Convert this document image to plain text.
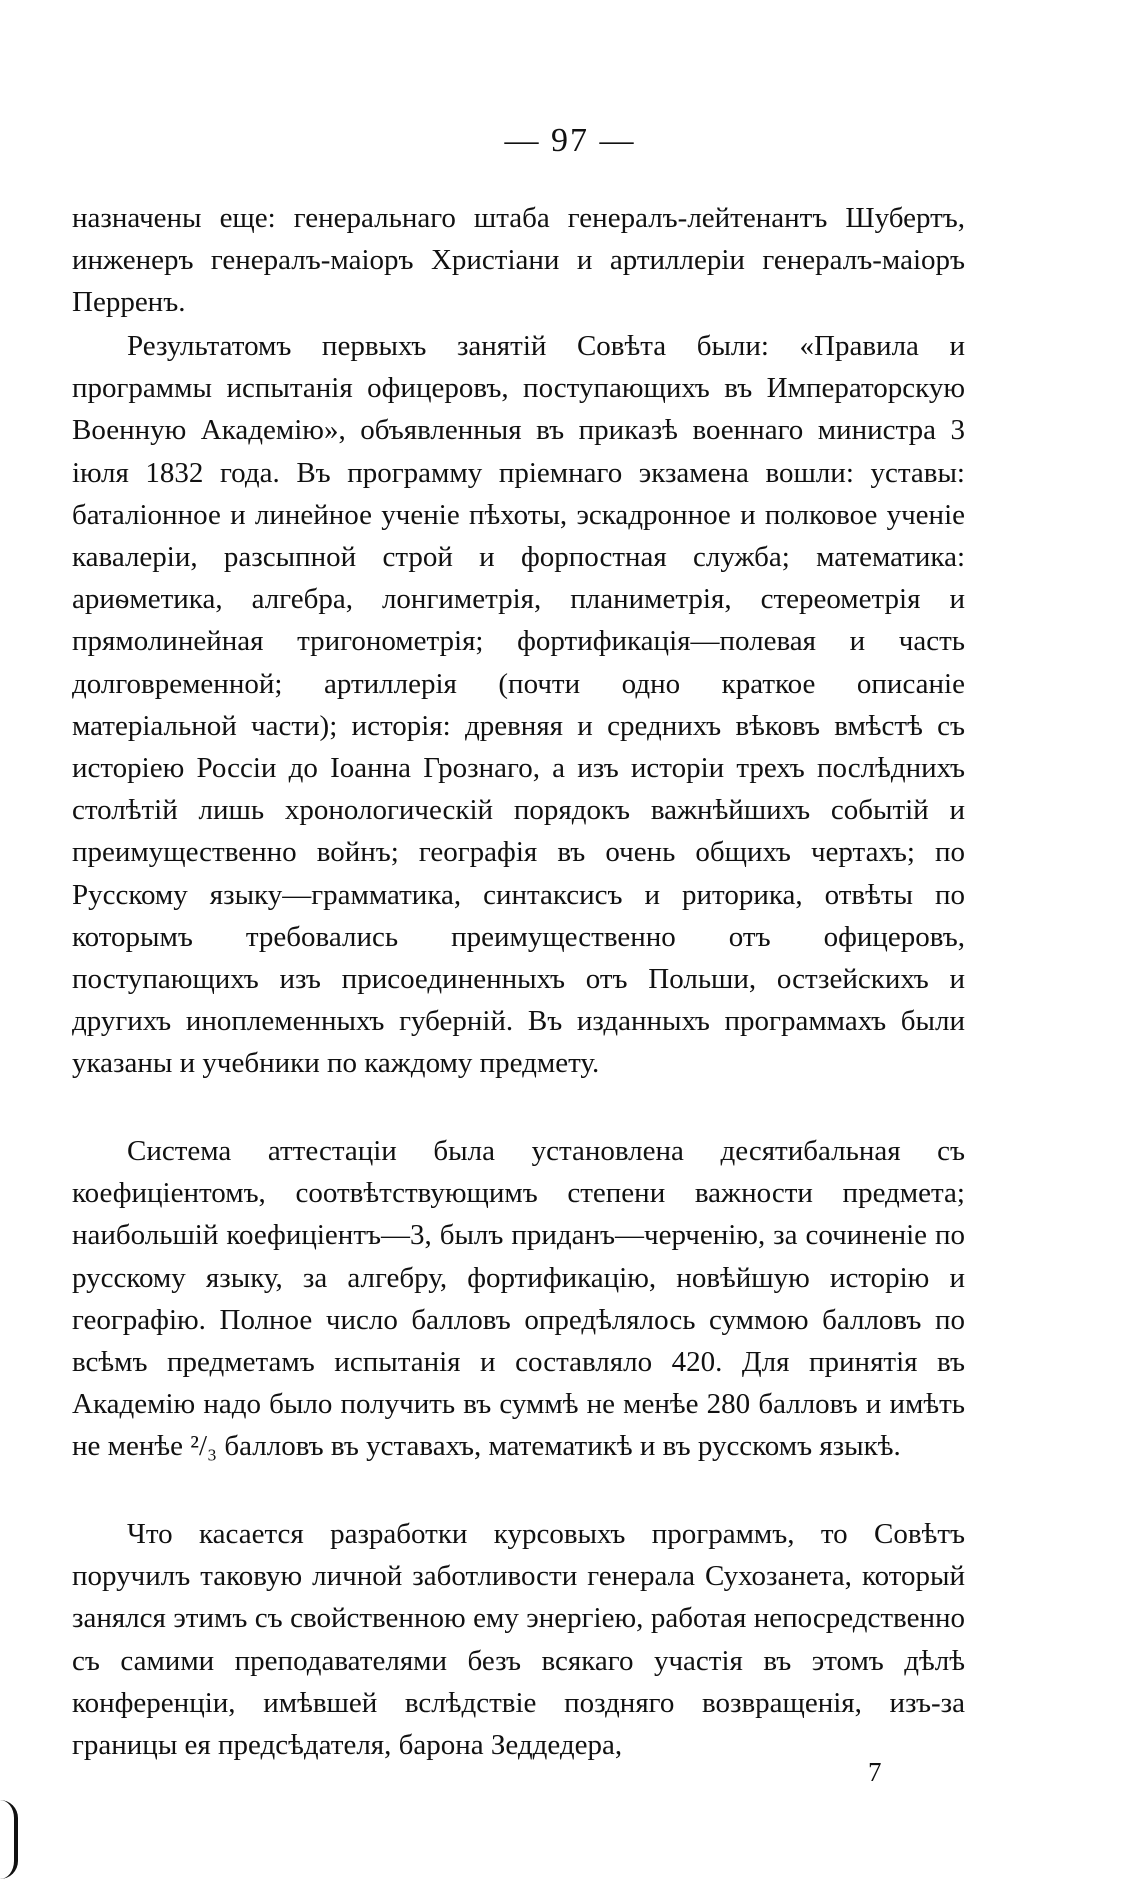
— 97 —

назначены еще: генеральнаго штаба генералъ-лейтенантъ Шубертъ, инженеръ генералъ-маiоръ Христiани и артиллерiи генералъ-маiоръ Перренъ.

Результатомъ первыхъ занятiй Совѣта были: «Правила и программы испытанiя офицеровъ, поступающихъ въ Императорскую Военную Академiю», объявленныя въ приказѣ военнаго министра 3 iюля 1832 года. Въ программу прiемнаго экзамена вошли: уставы: баталiонное и линейное ученiе пѣхоты, эскадронное и полковое ученiе кавалерiи, разсыпной строй и форпостная служба; математика: ариѳметика, алгебра, лонгиметрiя, планиметрiя, стереометрiя и прямолинейная тригонометрiя; фортификацiя—полевая и часть долговременной; артиллерiя (почти одно краткое описанiе матерiальной части); исторiя: древняя и среднихъ вѣковъ вмѣстѣ съ исторiею Россiи до Iоанна Грознаго, а изъ исторiи трехъ послѣднихъ столѣтiй лишь хронологическiй порядокъ важнѣйшихъ событiй и преимущественно войнъ; географiя въ очень общихъ чертахъ; по Русскому языку—грамматика, синтаксисъ и риторика, отвѣты по которымъ требовались преимущественно отъ офицеровъ, поступающихъ изъ присоединенныхъ отъ Польши, остзейскихъ и другихъ иноплеменныхъ губернiй. Въ изданныхъ программахъ были указаны и учебники по каждому предмету.

Система аттестацiи была установлена десятибальная съ коефицiентомъ, соотвѣтствующимъ степени важности предмета; наибольшiй коефицiентъ—3, былъ приданъ—черченiю, за сочиненiе по русскому языку, за алгебру, фортификацiю, новѣйшую исторiю и географiю. Полное число балловъ опредѣлялось суммою балловъ по всѣмъ предметамъ испытанiя и составляло 420. Для принятiя въ Академiю надо было получить въ суммѣ не менѣе 280 балловъ и имѣть не менѣе ²/₃ балловъ въ уставахъ, математикѣ и въ русскомъ языкѣ.

Что касается разработки курсовыхъ программъ, то Совѣтъ поручилъ таковую личной заботливости генерала Сухозанета, который занялся этимъ съ свойственною ему энергiею, работая непосредственно съ самими преподавателями безъ всякаго участiя въ этомъ дѣлѣ конференцiи, имѣвшей вслѣдствiе поздняго возвращенiя, изъ-за границы ея предсѣдателя, барона Зеддедера,

7
